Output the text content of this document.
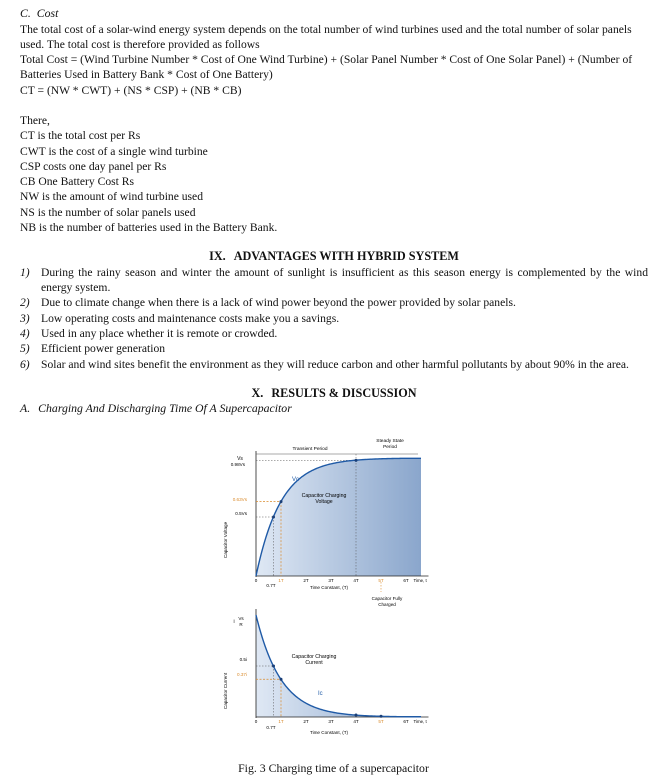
C. Cost

The total cost of a solar-wind energy system depends on the total number of wind turbines used and the total number of solar panels used. The total cost is therefore provided as follows

Total Cost = (Wind Turbine Number * Cost of One Wind Turbine) + (Solar Panel Number * Cost of One Solar Panel) + (Number of Batteries Used in Battery Bank * Cost of One Battery)

CT = (NW * CWT) + (NS * CSP) + (NB * CB)

There,

CT is the total cost per Rs

CWT is the cost of a single wind turbine

CSP costs one day panel per Rs

CB One Battery Cost Rs

NW is the amount of wind turbine used

NS is the number of solar panels used

NB is the number of batteries used in the Battery Bank.

IX. ADVANTAGES WITH HYBRID SYSTEM

1) During the rainy season and winter the amount of sunlight is insufficient as this season energy is complemented by the wind energy system.
2) Due to climate change when there is a lack of wind power beyond the power provided by solar panels.
3) Low operating costs and maintenance costs make you a savings.
4) Used in any place whether it is remote or crowded.
5) Efficient power generation
6) Solar and wind sites benefit the environment as they will reduce carbon and other harmful pollutants by about 90% in the area.

X. RESULTS & DISCUSSION

A. Charging And Discharging Time Of A Supercapacitor

Capacitor Voltage
Vs
0.98Vs
0.63Vs
0.5Vs
Vc
Capacitor Charging
Voltage
Transient Period
Steady State
Period
0	1T	2T	3T	4T	5T	6T Time, t
0.7T	Time Constant, (T)
Capacitor Fully
Charged
Capacitor Current
i
Vs
R
0.5i
0.37i
Capacitor Charging
Current
Ic
0	1T	2T	3T	4T	5T	6T Time, t
0.7T
Time Constant, (T)
Fig. 3 Charging time of a supercapacitor
